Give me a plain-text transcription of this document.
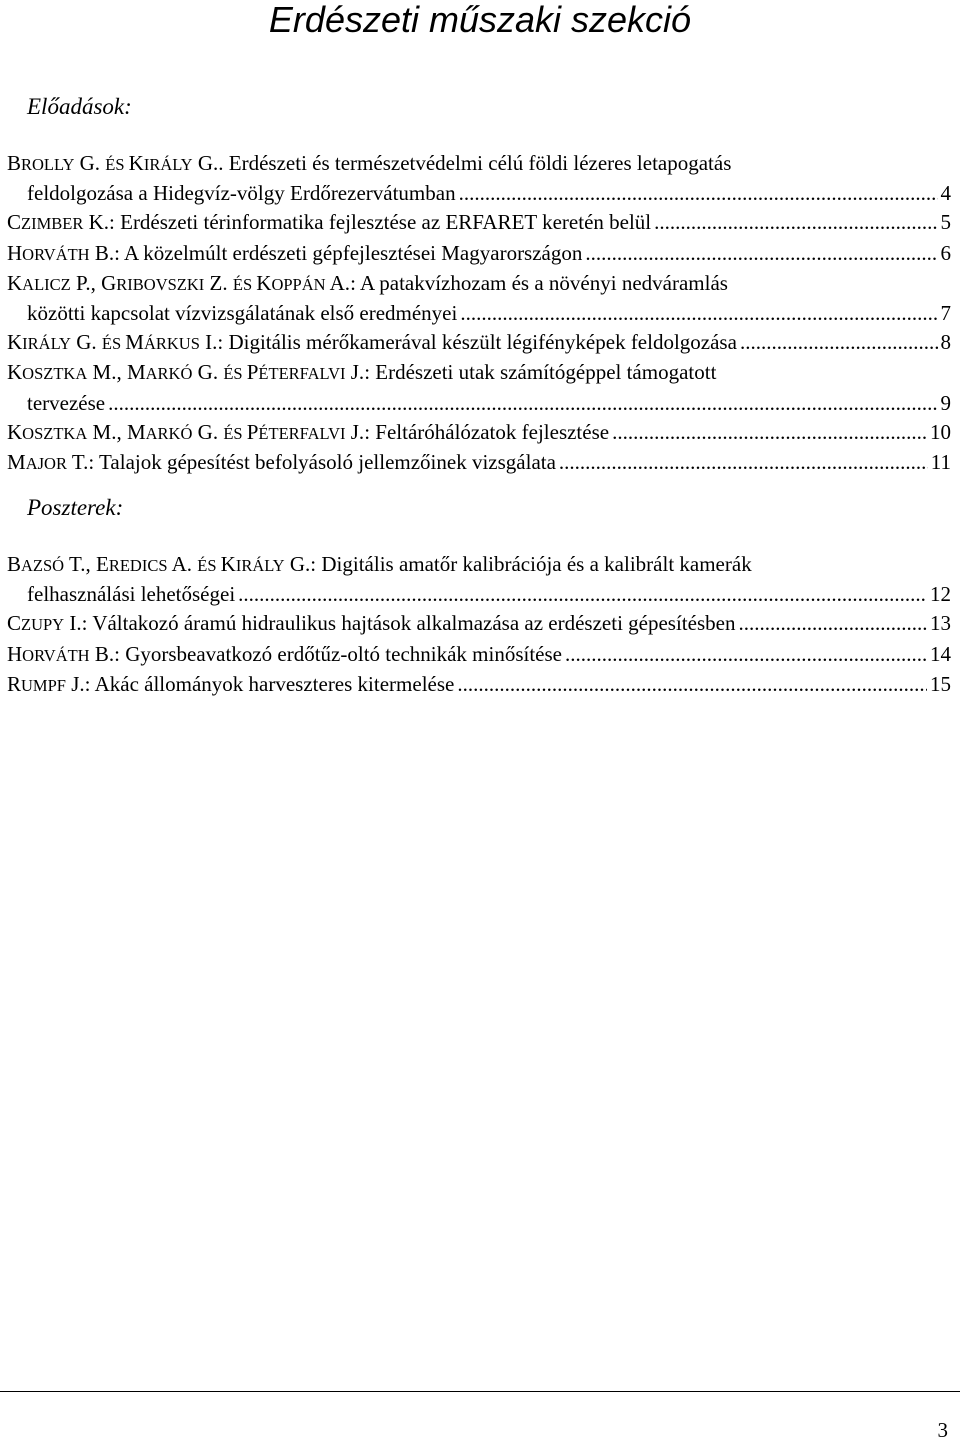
Erdészeti műszaki szekció
Előadások:
BROLLY G. ÉS KIRÁLY G. . Erdészeti és természetvédelmi célú földi lézeres letapogatás
feldolgozása a Hidegvíz-völgy Erdőrezervátumban .....	4
CZIMBER K. : Erdészeti térinformatika fejlesztése az ERFARET keretén belül .....	5
HORVÁTH B. : A közelmúlt erdészeti gépfejlesztései Magyarországon .....	6
KALICZ P., GRIBOVSZKI Z. ÉS KOPPÁN A. : A patakvízhozam és a növényi nedváramlás
közötti kapcsolat vízvizsgálatának első eredményei .....	7
KIRÁLY G. ÉS MÁRKUS I. : Digitális mérőkamerával készült légifényképek feldolgozása .....	8
KOSZTKA M., MARKÓ G. ÉS PÉTERFALVI J. : Erdészeti utak számítógéppel támogatott
tervezése .....	9
KOSZTKA M., MARKÓ G. ÉS PÉTERFALVI J. : Feltáróhálózatok fejlesztése .....	10
MAJOR T. : Talajok gépesítést befolyásoló jellemzőinek vizsgálata .....	11
Poszterek:
BAZSÓ T., EREDICS A. ÉS KIRÁLY G. : Digitális amatőr kalibrációja és a kalibrált kamerák
felhasználási lehetőségei .....	12
CZUPY I. : Váltakozó áramú hidraulikus hajtások alkalmazása az erdészeti gépesítésben .....	13
HORVÁTH B. : Gyorsbeavatkozó erdőtűz-oltó technikák minősítése .....	14
RUMPF J. : Akác állományok harveszteres kitermelése .....	15
3
